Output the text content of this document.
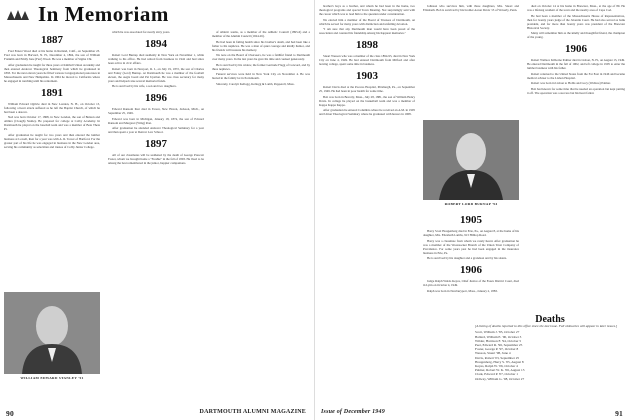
In Memoriam
1887

Fred Ernest Wood died at his home in Rutland, Calif., on September 23. Fred was born in Harvard, N. H., December 4, 1864, the son of William Franklin and Emily Jane (Farr) Wood. He was a member of Sigma Chi.

After graduation he taught for three years at Kimball Union Academy and then entered Andover Theological Seminary from which he graduated in 1893. For the next eleven years he filled various Congregational pastorates in Massachusetts and New Hampshire. In 1904 he moved to California where he engaged in ranching until his retirement.

1891

William Edward Ogilvie died in New London, N. H., on October 13, following a heart attack suffered as he left the Baptist Church, of which he had been a deacon.

Ned was born October 17, 1868, in New London, the son of Benton and Almira (Clough) Stanley. He prepared for college at Colby Academy. In Dartmouth he played on the baseball team and was a member of Beta Theta Pi.

After graduation he taught for two years and then entered the lumber business at Lowell, then for a year was with A. R. Tower of Hartford. For the greater part of his life he was engaged in business in the New London area, serving his community as selectman and trustee of Colby Junior College.

which he was associated for nearly sixty years.

1894

Robert Lord Burnap died suddenly in New York on November 1, while walking to his office. He had retired from business in 1942 and had since been active in civic affairs.

Robert was born in Newport, R. I., on July 19, 1872, the son of Charles and Fanny (Lord) Burnap. At Dartmouth he was a member of the football eleven, the Aegis board and Psi Upsilon. He was class secretary for many years and helped raise several memorial funds.

He is survived by his wife, a son and two daughters.

1896

Edward Ransom Peet died in Foxon, New Haven, Jackson, Mich., on September 25, 1949.

Edward was born in Michigan, January 18, 1874, the son of Edward Ransom and Margaret (Wing) Peet.

After graduation he attended Andover Theological Seminary for a year and then spent a year at Denver Law School.

1897

All of our classmates will be saddened by the death of George Prescott Foster, whom we brought home a "Freshie" in the fall of 1893. He lived to be among the best remembered in the junior, happier companions.

of athletic teams, as a member of the Athletic Council (1895-6) and a member of the Alumni Council (1924-26).

He had been in failing health since his brother's death, and had been like a father to his nephews. He was a man of quiet courage and kindly humor, and his friends will treasure his memory.

We note on the Board of Overseers, he was a faithful friend to Dartmouth over many years. In the last years he gave his time and counsel generously.

He is survived by his widow, the former Gertrude Flagg of Concord, and by three nephews.

Funeral services were held in New York City on November 4. He was buried in the family lot in Portsmouth.

Sincerely, Carolyn Kellogg, Kellogg & Lamb, Pepperell, Mass.

WILLIAM EDWARD STANLEY '91
90	DARTMOUTH ALUMNI MAGAZINE

brother's boys as a brother, and whom he had been in the home, two theological programs and special Town Meeting. Not surprisingly said with the career which was to lead him to the question under consideration.

We elected him a member of the Board of Trustees of Dartmouth, on which he served for many years with distinction and unfailing devotion.

"I am sure that any Dartmouth man would have been proud of the association and counted his friendship among his happiest memories."

1898

Stuart Wesson who was a member of the class 1894-95, died in New York City on June 4, 1949. He had entered Dartmouth from Milford and after leaving college, spent some time in business.

1903

Robert Davis died at the Pocono Hospital, Pittsburgh, Pa., on September 25, 1949. He had been in poor health for some time.

Bob was born in Beverly, Mass., July 28, 1881, the son of William Henry Davis. In college he played on the basketball team and was a member of Kappa Kappa Kappa.

After graduation he entered Columbia where he received an A.M. in 1905 and Union Theological Seminary where he graduated with honors in 1908.

ROBERT LORD BURNAP '94

Johnson who survives him, with three daughters, Mrs. Stuart and Elizabeth. Bob is survived by his brother Aaron Davis '13 of Waverly, Penn.

1905

Harry Scott Hougenberg died in Erie, Pa., on August 8, at the home of his daughter, Mrs. Elizabeth Lambs, 913 Hilltop Road.

Harry was a classmate from whom we rarely heard. After graduation he was a member of the Woonsocket Branch of the Union Trust Company of Providence. For some years past he had been engaged in the insurance business in Erie, Pa.

He is survived by his daughter and a grandson and by his sisters.

1906

Judge Ralph Waldo Keyes, Chief Justice of the Essex District Court, died in Lynn on October 4, 1949.

Ralph was born in Newburyport, Mass., January 2, 1883.

died on October 14 at his home in Brewster, Mass., at the age of 89. He was a lifelong resident of the town and the nearby area of Cape Cod.

He had been a member of the Massachusetts House of Representatives, then for twenty years judge of the Juvenile Court. He had also served as bank president, and for more than twenty years was president of the Brewster Historical Society.

Many will remember him as the kindly and thoughtful friend, the champion of the young.

1906

Robert Wallace Kilborne Palmer died in Lisbon, N. H., on August 13, 1949. He entered Dartmouth in the fall of 1902, and left college in 1905 to enter the lumber business with his father.

Robert returned to the United States from the Far East in 1946 and became medical adviser to the Lisbon Hospital.

Robert was born in Lisbon to Hollis and Lucy (Wallace) Palmer.

Bob had known for some time that he needed an operation but kept putting it off. The operation was a success but his heart failed.

Deaths
[A listing of deaths reported to this office since the last issue. Full obituaries will appear in later issues.]
Scott, William J. '85, October 27
Ballard, William E. '90, October 3
Wilder, Harrison F. '94, October 5
Peet, Edward R. '96, September 25
Foster, George P. '97, October 8
Wesson, Stuart '98, June 4
Davis, Robert '03, September 25
Hougenberg, Harry S. '05, August 8
Keyes, Ralph W. '06, October 4
Palmer, Robert W. K. '06, August 13
Clark, Edward P. '07, October 1
Ordway, William G. '08, October 27
Issue of December 1949	91
